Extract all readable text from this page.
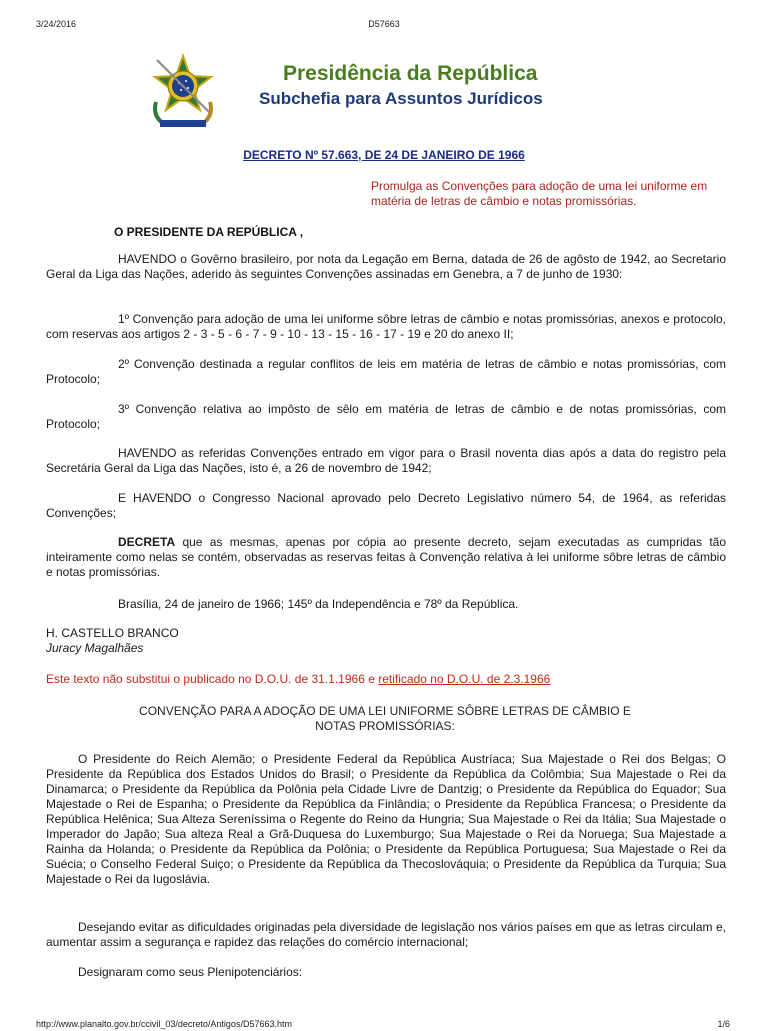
3/24/2016	D57663
Presidência da República
Subchefia para Assuntos Jurídicos
DECRETO Nº 57.663, DE 24 DE JANEIRO DE 1966
Promulga as Convenções para adoção de uma lei uniforme em matéria de letras de câmbio e notas promissórias.
O PRESIDENTE DA REPÚBLICA ,
HAVENDO o Govêrno brasileiro, por nota da Legação em Berna, datada de 26 de agôsto de 1942, ao Secretario Geral da Liga das Nações, aderido às seguintes Convenções assinadas em Genebra, a 7 de junho de 1930:
1º Convenção para adoção de uma lei uniforme sôbre letras de câmbio e notas promissórias, anexos e protocolo, com reservas aos artigos 2 - 3 - 5 - 6 - 7 - 9 - 10 - 13 - 15 - 16 - 17 - 19 e 20 do anexo II;
2º Convenção destinada a regular conflitos de leis em matéria de letras de câmbio e notas promissórias, com Protocolo;
3º Convenção relativa ao impôsto de sêlo em matéria de letras de câmbio e de notas promissórias, com Protocolo;
HAVENDO as referidas Convenções entrado em vigor para o Brasil noventa dias após a data do registro pela Secretária Geral da Liga das Nações, isto é, a 26 de novembro de 1942;
E HAVENDO o Congresso Nacional aprovado pelo Decreto Legislativo número 54, de 1964, as referidas Convenções;
DECRETA que as mesmas, apenas por cópia ao presente decreto, sejam executadas as cumpridas tão inteiramente como nelas se contém, observadas as reservas feitas à Convenção relativa à lei uniforme sôbre letras de câmbio e notas promissórias.
Brasília, 24 de janeiro de 1966; 145º da Independência e 78º da República.
H. CASTELLO BRANCO
Juracy Magalhães
Este texto não substitui o publicado no D.O.U. de 31.1.1966 e retificado no D.O.U. de 2.3.1966
CONVENÇÃO PARA A ADOÇÃO DE UMA LEI UNIFORME SÔBRE LETRAS DE CÂMBIO E NOTAS PROMISSÓRIAS:
O Presidente do Reich Alemão; o Presidente Federal da República Austríaca; Sua Majestade o Rei dos Belgas; O Presidente da República dos Estados Unidos do Brasil; o Presidente da República da Colômbia; Sua Majestade o Rei da Dinamarca; o Presidente da República da Polônia pela Cidade Livre de Dantzig; o Presidente da República do Equador; Sua Majestade o Rei de Espanha; o Presidente da República da Finlândia; o Presidente da República Francesa; o Presidente da República Helênica; Sua Alteza Sereníssima o Regente do Reino da Hungria; Sua Majestade o Rei da Itália; Sua Majestade o Imperador do Japão; Sua alteza Real a Grã-Duquesa do Luxemburgo; Sua Majestade o Rei da Noruega; Sua Majestade a Rainha da Holanda; o Presidente da República da Polônia; o Presidente da República Portuguesa; Sua Majestade o Rei da Suécia; o Conselho Federal Suiço; o Presidente da República da Thecoslováquia; o Presidente da República da Turquia; Sua Majestade o Rei da Iugoslávia.
Desejando evitar as dificuldades originadas pela diversidade de legislação nos vários países em que as letras circulam e, aumentar assim a segurança e rapidez das relações do comércio internacional;
Designaram como seus Plenipotenciários:
http://www.planalto.gov.br/ccivil_03/decreto/Antigos/D57663.htm	1/6
